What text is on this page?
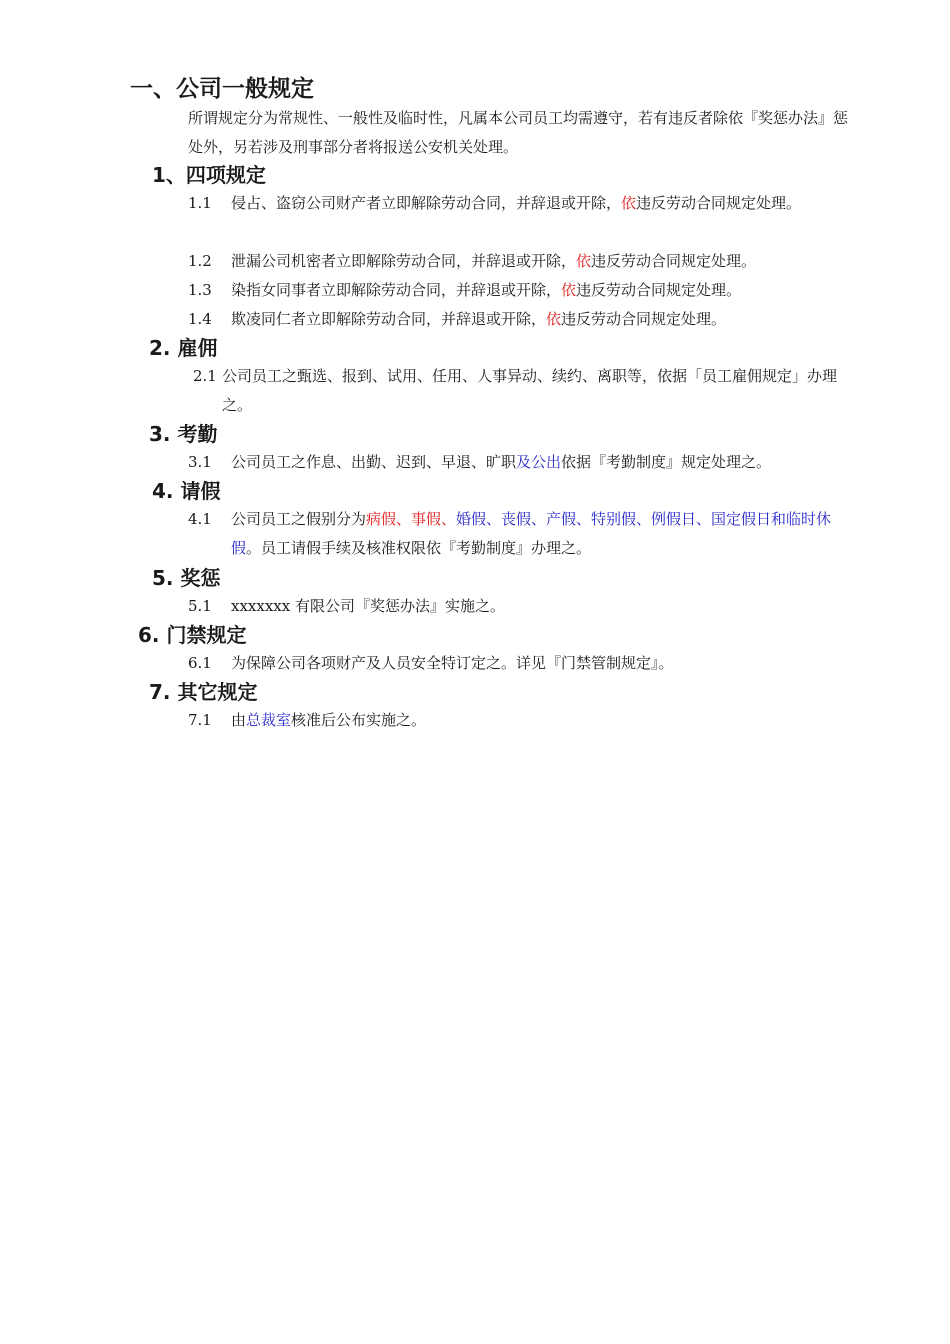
一、公司一般规定
所谓规定分为常规性、一般性及临时性，凡属本公司员工均需遵守，若有违反者除依『奖惩办法』惩处外，另若涉及刑事部分者将报送公安机关处理。
1、四项规定
1.1 侵占、盗窃公司财产者立即解除劳动合同，并辞退或开除，依违反劳动合同规定处理。
1.2 泄漏公司机密者立即解除劳动合同，并辞退或开除，依违反劳动合同规定处理。
1.3 染指女同事者立即解除劳动合同，并辞退或开除，依违反劳动合同规定处理。
1.4 欺凌同仁者立即解除劳动合同，并辞退或开除，依违反劳动合同规定处理。
2. 雇佣
2.1 公司员工之甄选、报到、试用、任用、人事异动、续约、离职等，依据「员工雇佣规定」办理之。
3. 考勤
3.1 公司员工之作息、出勤、迟到、早退、旷职及公出依据『考勤制度』规定处理之。
4. 请假
4.1 公司员工之假别分为病假、事假、婚假、丧假、产假、特别假、例假日、国定假日和临时休假。员工请假手续及核准权限依『考勤制度』办理之。
5. 奖惩
5.1 xxxxxxx 有限公司『奖惩办法』实施之。
6. 门禁规定
6.1 为保障公司各项财产及人员安全特订定之。详见『门禁管制规定』。
7. 其它规定
7.1 由总裁室核准后公布实施之。
